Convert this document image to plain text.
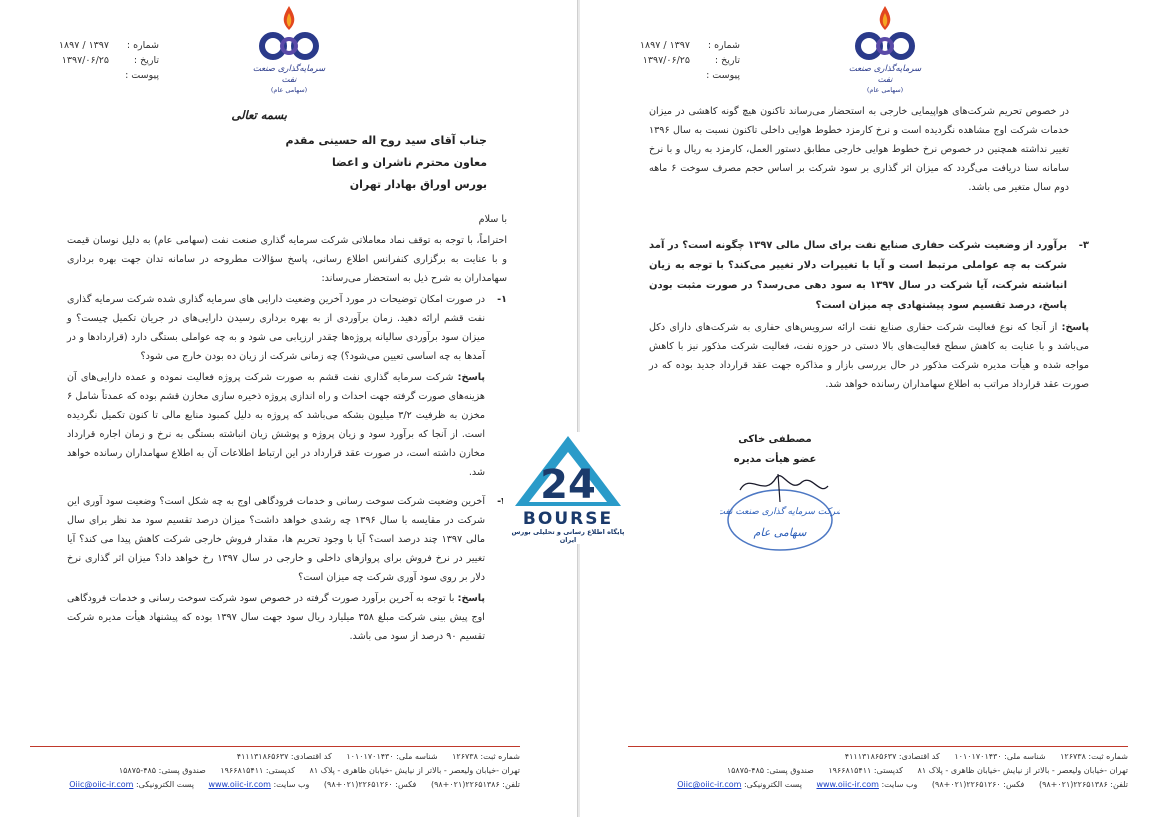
سرمایه‌گذاری صنعت نفت
(سهامی عام)
شماره :
۱۳۹۷ / ۱۸۹۷
تاریخ :
۱۳۹۷/۰۶/۲۵
پیوست :
بسمه تعالی
جناب آقای سید روح اله حسینی مقدم
معاون محترم ناشران و اعضا
بورس اوراق بهادار تهران
با سلام
احتراماً، با توجه به توقف نماد معاملاتی شرکت سرمایه گذاری صنعت نفت (سهامی عام) به دلیل نوسان قیمت و با عنایت به برگزاری کنفرانس اطلاع رسانی، پاسخ سؤالات مطروحه در سامانه تدان جهت بهره برداری سهامداران به شرح ذیل به استحضار می‌رساند:
۱-
در صورت امکان توضیحات در مورد آخرین وضعیت دارایی های سرمایه گذاری شده شرکت سرمایه گذاری نفت قشم ارائه دهید. زمان برآوردی از به بهره برداری رسیدن دارایی‌های در جریان تکمیل چیست؟ و میزان سود برآوردی سالیانه پروژه‌ها چقدر ارزیابی می شود و به چه عواملی بستگی دارد (قراردادها و در آمدها به چه اساسی تعیین می‌شود؟) چه زمانی شرکت از زیان ده بودن خارج می شود؟
پاسخ: شرکت سرمایه گذاری نفت قشم به صورت شرکت پروژه فعالیت نموده و عمده دارایی‌های آن هزینه‌های صورت گرفته جهت احداث و راه اندازی پروژه ذخیره سازی مخازن قشم بوده که عمدتاً شامل ۶ مخزن به ظرفیت ۳/۲ میلیون بشکه می‌باشد که پروژه به دلیل کمبود منابع مالی تا کنون تکمیل نگردیده است. از آنجا که برآورد سود و زیان پروژه و پوشش زیان انباشته بستگی به نرخ و زمان اجاره قرارداد مخازن داشته است، در صورت عقد قرارداد در این ارتباط اطلاعات آن به اطلاع سهامداران رسانده خواهد شد.
-
آخرین وضعیت شرکت سوخت رسانی و خدمات فرودگاهی اوج به چه شکل است؟ وضعیت سود آوری این شرکت در مقایسه با سال ۱۳۹۶ چه رشدی خواهد داشت؟ میزان درصد تقسیم سود مد نظر برای سال مالی ۱۳۹۷ چند درصد است؟ آیا با وجود تحریم ها، مقدار فروش خارجی شرکت کاهش پیدا می کند؟ آیا تغییر در نرخ فروش برای پروازهای داخلی و خارجی در سال ۱۳۹۷ رخ خواهد داد؟ میزان اثر گذاری نرخ دلار بر روی سود آوری شرکت چه میزان است؟
پاسخ: با توجه به آخرین برآورد صورت گرفته در خصوص سود شرکت سوخت رسانی و خدمات فرودگاهی اوج پیش بینی شرکت مبلغ ۳۵۸ میلیارد ریال سود جهت سال ۱۳۹۷ بوده که پیشنهاد هیأت مدیره شرکت تقسیم ۹۰ درصد از سود می باشد.
شماره ثبت: ۱۲۶۷۳۸ شناسه ملی: ۱۰۱۰۱۷۰۱۴۳۰ کد اقتصادی: ۴۱۱۱۳۱۸۶۵۶۳۷
تهران -خیابان ولیعصر - بالاتر از نیایش -خیابان ظاهری - پلاک ۸۱ کدپستی: ۱۹۶۶۸۱۵۴۱۱ صندوق پستی: ۴۸۵-۱۵۸۷۵
تلفن: ۲۲۶۵۱۳۸۶(۰۲۱+۹۸) فکس: ۲۲۶۵۱۲۶۰(۰۲۱+۹۸) وب سایت: www.oiic-ir.com پست الکترونیکی: Oiic@oiic-ir.com
سرمایه‌گذاری صنعت نفت
(سهامی عام)
شماره :
۱۳۹۷ / ۱۸۹۷
تاریخ :
۱۳۹۷/۰۶/۲۵
پیوست :
در خصوص تحریم شرکت‌های هواپیمایی خارجی به استحضار می‌رساند تاکنون هیچ گونه کاهشی در میزان خدمات شرکت اوج مشاهده نگردیده است و نرخ کارمزد خطوط هوایی داخلی تاکنون نسبت به سال ۱۳۹۶ تغییر نداشته همچنین در خصوص نرخ خطوط هوایی خارجی مطابق دستور العمل، کارمزد به ریال و با نرخ سامانه سنا دریافت می‌گردد که میزان اثر گذاری بر سود شرکت بر اساس حجم مصرف سوخت ۶ ماهه دوم سال متغیر می باشد.
۳-
برآورد از وضعیت شرکت حفاری صنایع نفت برای سال مالی ۱۳۹۷ چگونه است؟ در آمد شرکت به چه عواملی مرتبط است و آیا با تغییرات دلار تغییر می‌کند؟ با توجه به زیان انباشته شرکت، آیا شرکت در سال ۱۳۹۷ به سود دهی می‌رسد؟ در صورت مثبت بودن پاسخ، درصد تقسیم سود پیشنهادی چه میزان است؟
پاسخ: از آنجا که نوع فعالیت شرکت حفاری صنایع نفت ارائه سرویس‌های حفاری به شرکت‌های دارای دکل می‌باشد و با عنایت به کاهش سطح فعالیت‌های بالا دستی در حوزه نفت، فعالیت شرکت مذکور نیز با کاهش مواجه شده و هیأت مدیره شرکت مذکور در حال بررسی بازار و مذاکره جهت عقد قرارداد جدید بوده که در صورت عقد قرارداد مراتب به اطلاع سهامداران رسانده خواهد شد.
مصطفی خاکی
عضو هیأت مدیره
شرکت سرمایه گذاری صنعت نفت
سهامی عام
شماره ثبت: ۱۲۶۷۳۸ شناسه ملی: ۱۰۱۰۱۷۰۱۴۳۰ کد اقتصادی: ۴۱۱۱۳۱۸۶۵۶۳۷
تهران -خیابان ولیعصر - بالاتر از نیایش -خیابان ظاهری - پلاک ۸۱ کدپستی: ۱۹۶۶۸۱۵۴۱۱ صندوق پستی: ۴۸۵-۱۵۸۷۵
تلفن: ۲۲۶۵۱۳۸۶(۰۲۱+۹۸) فکس: ۲۲۶۵۱۲۶۰(۰۲۱+۹۸) وب سایت: www.oiic-ir.com پست الکترونیکی: Oiic@oiic-ir.com
24
BOURSE
پایگاه اطلاع رسانی و تحلیلی بورس ایران
